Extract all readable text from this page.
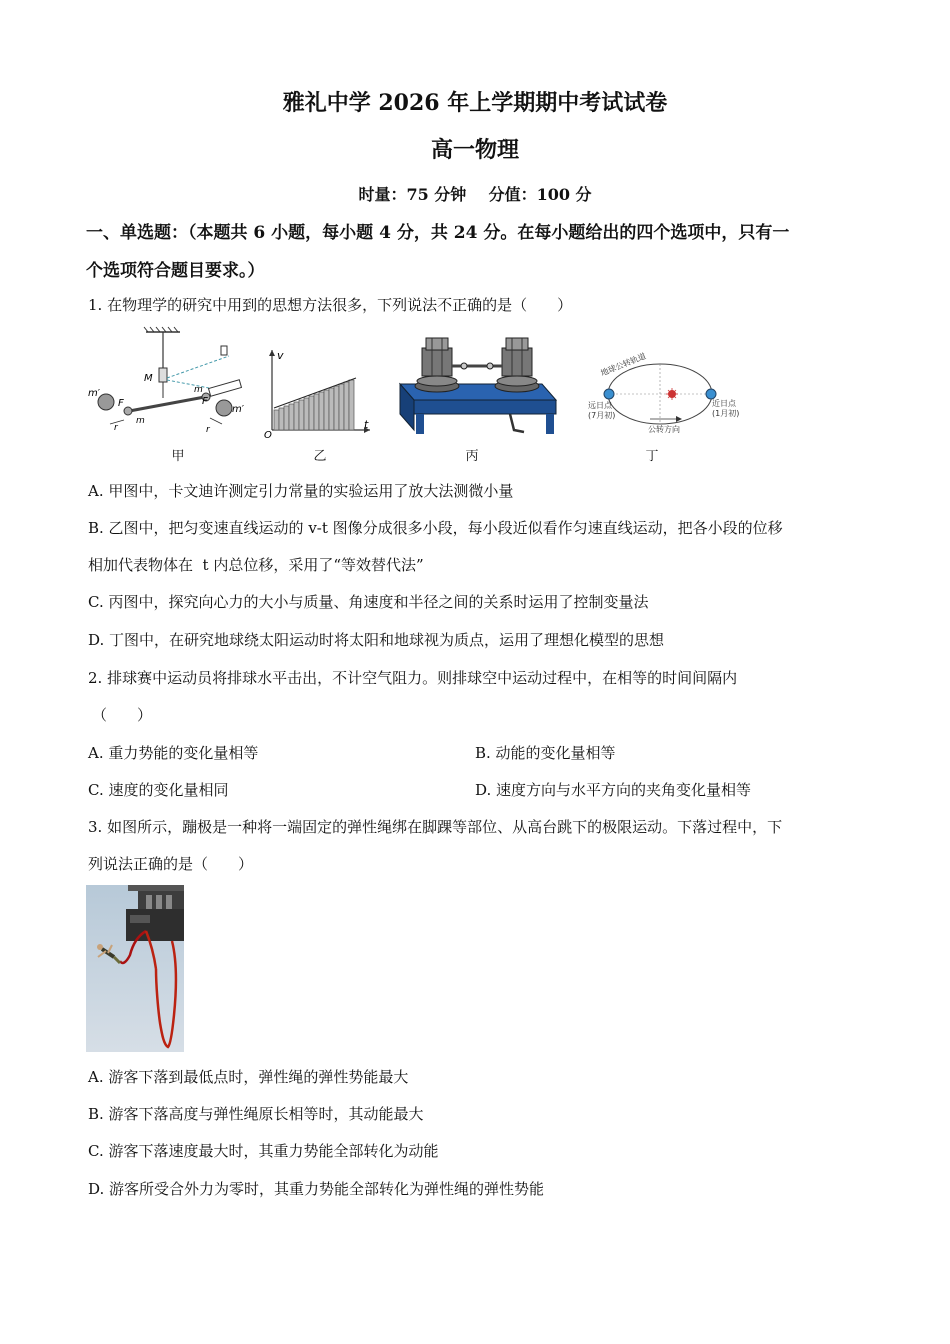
雅礼中学 2026 年上学期期中考试试卷
高一物理
时量：75 分钟    分值：100 分
一、单选题：（本题共 6 小题，每小题 4 分，共 24 分。在每小题给出的四个选项中，只有一
个选项符合题目要求。）
1. 在物理学的研究中用到的思想方法很多，下列说法不正确的是（　　）
M
m′
F
m
r
m
F
m′
r
甲
v
O
t
乙	丙
地球公转轨道
远日点
(7月初)
近日点
(1月初)
公转方向
丁
A. 甲图中，卡文迪许测定引力常量的实验运用了放大法测微小量
B. 乙图中，把匀变速直线运动的 v-t 图像分成很多小段，每小段近似看作匀速直线运动，把各小段的位移
相加代表物体在  t 内总位移，采用了“等效替代法”
C. 丙图中，探究向心力的大小与质量、角速度和半径之间的关系时运用了控制变量法
D. 丁图中，在研究地球绕太阳运动时将太阳和地球视为质点，运用了理想化模型的思想
2. 排球赛中运动员将排球水平击出，不计空气阻力。则排球空中运动过程中，在相等的时间间隔内
（　　）
A. 重力势能的变化量相等	B. 动能的变化量相等
C. 速度的变化量相同	D. 速度方向与水平方向的夹角变化量相等
3. 如图所示，蹦极是一种将一端固定的弹性绳绑在脚踝等部位、从高台跳下的极限运动。下落过程中，下
列说法正确的是（　　）
A. 游客下落到最低点时，弹性绳的弹性势能最大
B. 游客下落高度与弹性绳原长相等时，其动能最大
C. 游客下落速度最大时，其重力势能全部转化为动能
D. 游客所受合外力为零时，其重力势能全部转化为弹性绳的弹性势能
